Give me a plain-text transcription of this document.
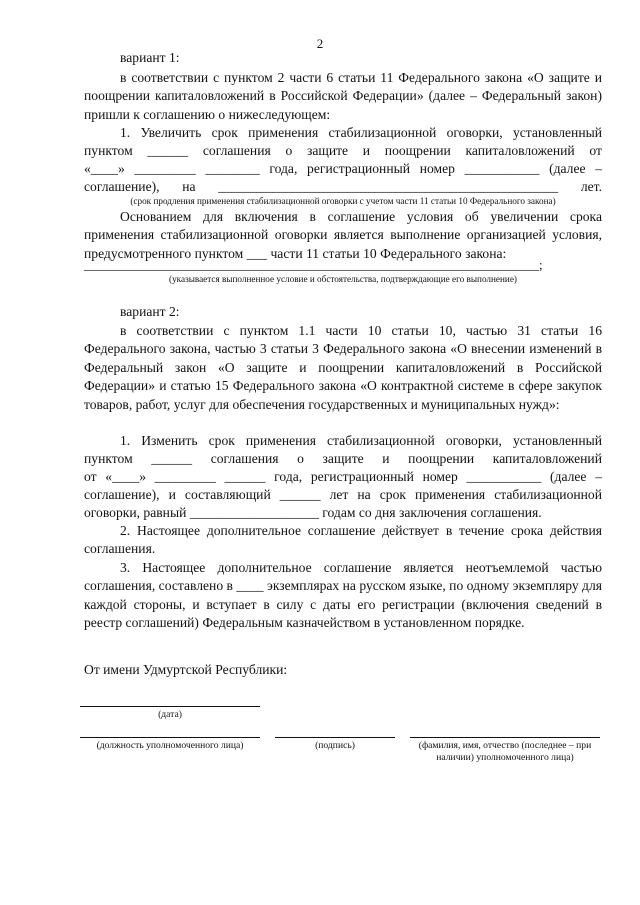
2
вариант 1:
в соответствии с пунктом 2 части 6 статьи 11 Федерального закона «О защите и поощрении капиталовложений в Российской Федерации» (далее – Федеральный закон) пришли к соглашению о нижеследующем:
1. Увеличить срок применения стабилизационной оговорки, установленный
пунктом ______ соглашения о защите и поощрении капиталовложений от
«____» _________ ________ года, регистрационный номер ___________ (далее –
соглашение), на __________________________________________________ лет.
(срок продления применения стабилизационной оговорки с учетом части 11 статьи 10 Федерального закона)
Основанием для включения в соглашение условия об увеличении срока применения стабилизационной оговорки является выполнение организацией условия, предусмотренного пунктом ___ части 11 статьи 10 Федерального закона:
______________________________________________________________________;
(указывается выполненное условие и обстоятельства, подтверждающие его выполнение)
вариант 2:
в соответствии с пунктом 1.1 части 10 статьи 10, частью 31 статьи 16 Федерального закона, частью 3 статьи 3 Федерального закона «О внесении изменений в Федеральный закон «О защите и поощрении капиталовложений в Российской Федерации» и статью 15 Федерального закона «О контрактной системе в сфере закупок товаров, работ, услуг для обеспечения государственных и муниципальных нужд»:
1. Изменить срок применения стабилизационной оговорки, установленный
пунктом ______ соглашения о защите и поощрении капиталовложений
от «____» _________ ______ года, регистрационный номер ___________ (далее –
соглашение), и составляющий ______ лет на срок применения стабилизационной
оговорки, равный ___________________ годам со дня заключения соглашения.
2. Настоящее дополнительное соглашение действует в течение срока действия соглашения.
3. Настоящее дополнительное соглашение является неотъемлемой частью соглашения, составлено в ____ экземплярах на русском языке, по одному экземпляру для каждой стороны, и вступает в силу с даты его регистрации (включения сведений в реестр соглашений) Федеральным казначейством в установленном порядке.
От имени Удмуртской Республики:
(дата)
(должность уполномоченного лица)	(подпись)	(фамилия, имя, отчество (последнее – при наличии) уполномоченного лица)
